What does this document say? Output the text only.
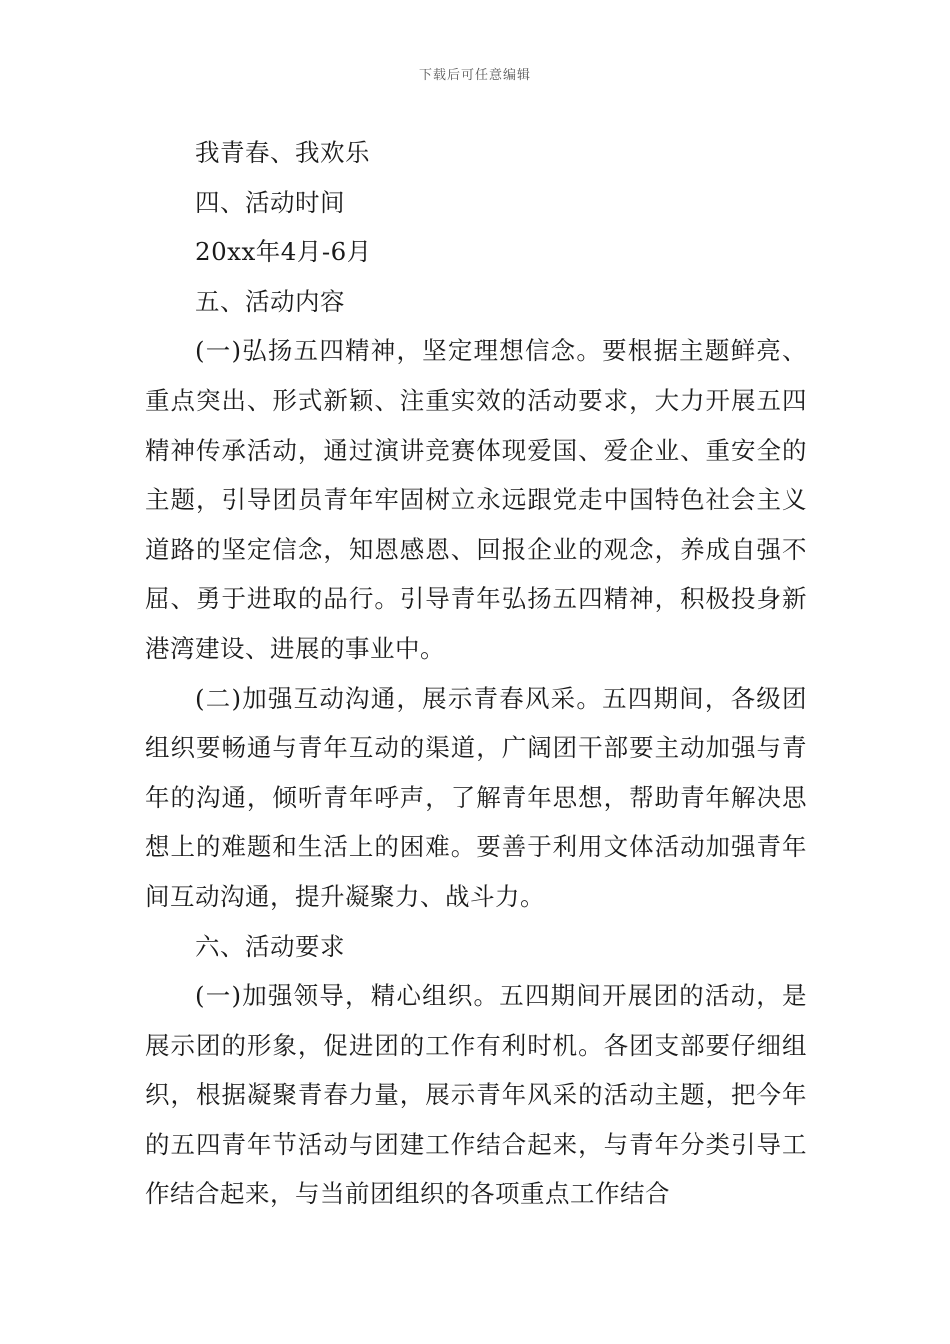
下载后可任意编辑

我青春、我欢乐

四、活动时间

20xx年4月-6月

五、活动内容

(一)弘扬五四精神，坚定理想信念。要根据主题鲜亮、重点突出、形式新颖、注重实效的活动要求，大力开展五四精神传承活动，通过演讲竞赛体现爱国、爱企业、重安全的主题，引导团员青年牢固树立永远跟党走中国特色社会主义道路的坚定信念，知恩感恩、回报企业的观念，养成自强不屈、勇于进取的品行。引导青年弘扬五四精神，积极投身新港湾建设、进展的事业中。

(二)加强互动沟通，展示青春风采。五四期间，各级团组织要畅通与青年互动的渠道，广阔团干部要主动加强与青年的沟通，倾听青年呼声，了解青年思想，帮助青年解决思想上的难题和生活上的困难。要善于利用文体活动加强青年间互动沟通，提升凝聚力、战斗力。

六、活动要求

(一)加强领导，精心组织。五四期间开展团的活动，是展示团的形象，促进团的工作有利时机。各团支部要仔细组织，根据凝聚青春力量，展示青年风采的活动主题，把今年的五四青年节活动与团建工作结合起来，与青年分类引导工作结合起来，与当前团组织的各项重点工作结合
